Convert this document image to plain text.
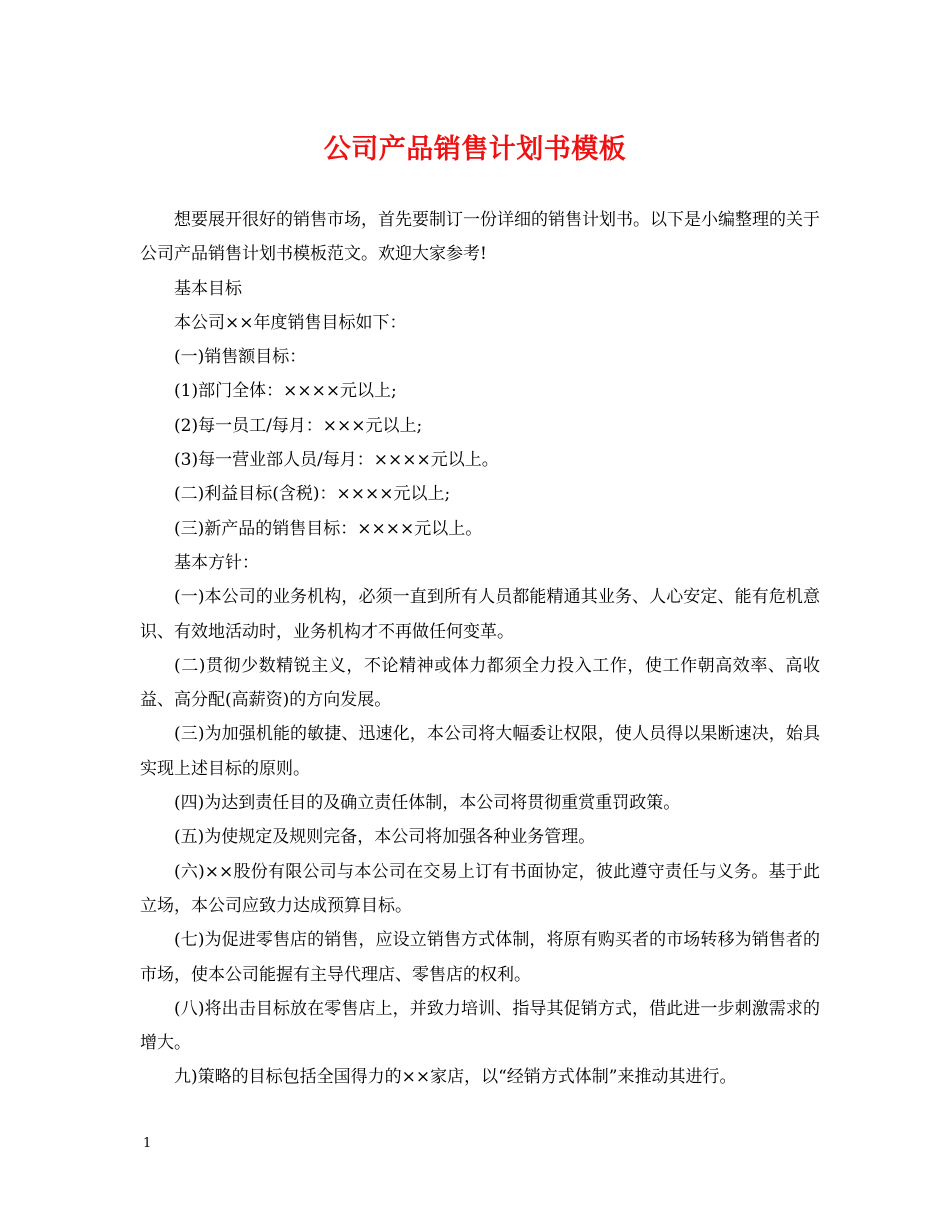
公司产品销售计划书模板

想要展开很好的销售市场，首先要制订一份详细的销售计划书。以下是小编整理的关于公司产品销售计划书模板范文。欢迎大家参考!

基本目标

本公司××年度销售目标如下：

(一)销售额目标：

(1)部门全体：××××元以上;

(2)每一员工/每月：×××元以上;

(3)每一营业部人员/每月：××××元以上。

(二)利益目标(含税)：××××元以上;

(三)新产品的销售目标：××××元以上。

基本方针：

(一)本公司的业务机构，必须一直到所有人员都能精通其业务、人心安定、能有危机意识、有效地活动时，业务机构才不再做任何变革。

(二)贯彻少数精锐主义，不论精神或体力都须全力投入工作，使工作朝高效率、高收益、高分配(高薪资)的方向发展。

(三)为加强机能的敏捷、迅速化，本公司将大幅委让权限，使人员得以果断速决，始具实现上述目标的原则。

(四)为达到责任目的及确立责任体制，本公司将贯彻重赏重罚政策。

(五)为使规定及规则完备，本公司将加强各种业务管理。

(六)××股份有限公司与本公司在交易上订有书面协定，彼此遵守责任与义务。基于此立场，本公司应致力达成预算目标。

(七)为促进零售店的销售，应设立销售方式体制，将原有购买者的市场转移为销售者的市场，使本公司能握有主导代理店、零售店的权利。

(八)将出击目标放在零售店上，并致力培训、指导其促销方式，借此进一步刺激需求的增大。

九)策略的目标包括全国得力的××家店，以“经销方式体制”来推动其进行。

1
